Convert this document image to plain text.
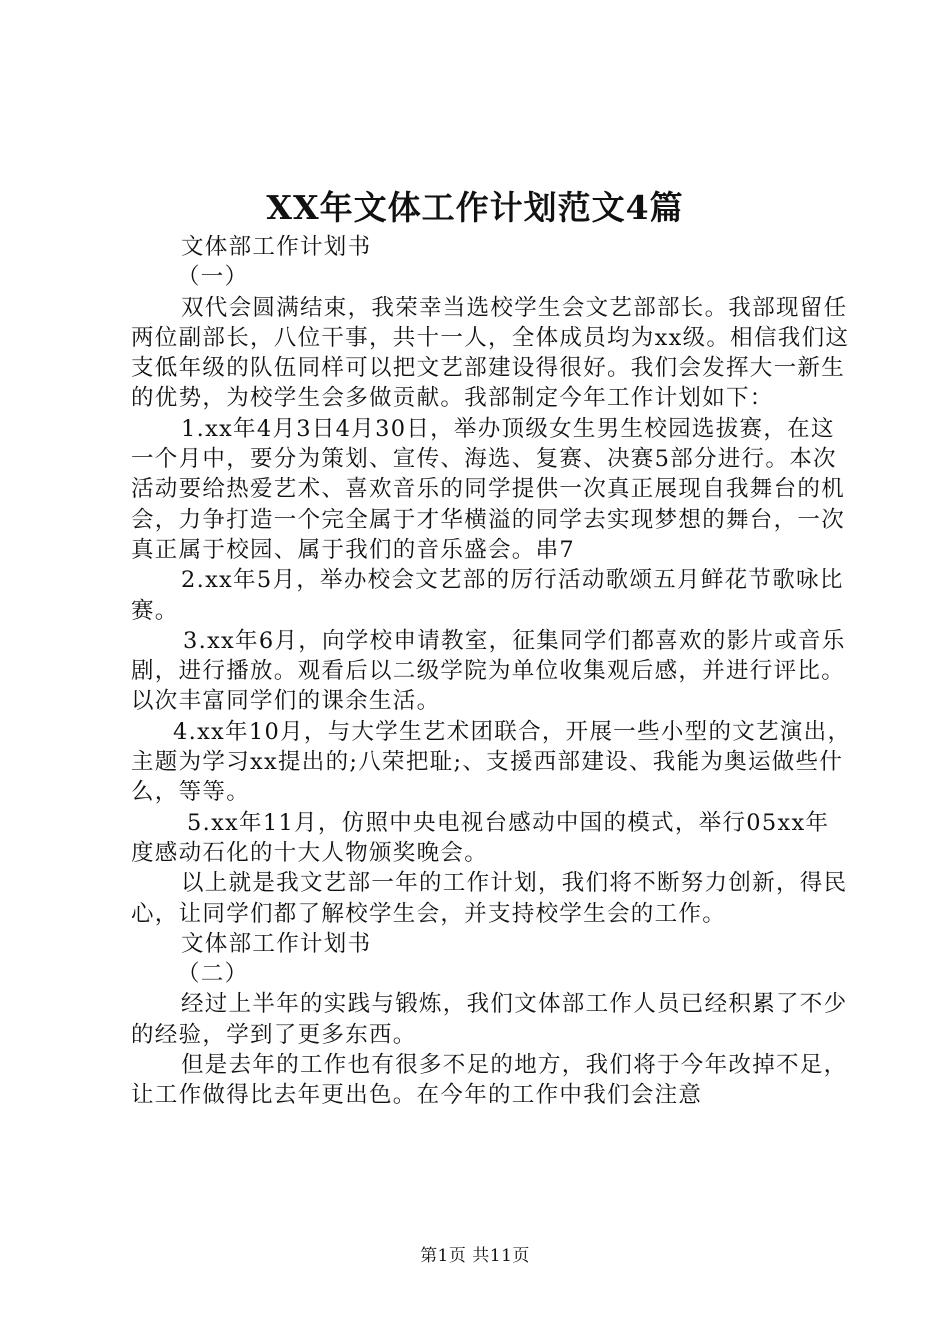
XX年文体工作计划范文4篇

文体部工作计划书

（一）

双代会圆满结束，我荣幸当选校学生会文艺部部长。我部现留任两位副部长，八位干事，共十一人，全体成员均为xx级。相信我们这支低年级的队伍同样可以把文艺部建设得很好。我们会发挥大一新生的优势，为校学生会多做贡献。我部制定今年工作计划如下：

1.xx年4月3日4月30日，举办顶级女生男生校园选拔赛，在这一个月中，要分为策划、宣传、海选、复赛、决赛5部分进行。本次活动要给热爱艺术、喜欢音乐的同学提供一次真正展现自我舞台的机会，力争打造一个完全属于才华横溢的同学去实现梦想的舞台，一次真正属于校园、属于我们的音乐盛会。串7

2.xx年5月，举办校会文艺部的厉行活动歌颂五月鲜花节歌咏比赛。

3.xx年6月，向学校申请教室，征集同学们都喜欢的影片或音乐剧，进行播放。观看后以二级学院为单位收集观后感，并进行评比。以次丰富同学们的课余生活。

4.xx年10月，与大学生艺术团联合，开展一些小型的文艺演出，主题为学习xx提出的;八荣把耻;、支援西部建设、我能为奥运做些什么，等等。

5.xx年11月，仿照中央电视台感动中国的模式，举行05xx年度感动石化的十大人物颁奖晚会。

以上就是我文艺部一年的工作计划，我们将不断努力创新，得民心，让同学们都了解校学生会，并支持校学生会的工作。

文体部工作计划书

（二）

经过上半年的实践与锻炼，我们文体部工作人员已经积累了不少的经验，学到了更多东西。

但是去年的工作也有很多不足的地方，我们将于今年改掉不足，让工作做得比去年更出色。在今年的工作中我们会注意

第1页 共11页
